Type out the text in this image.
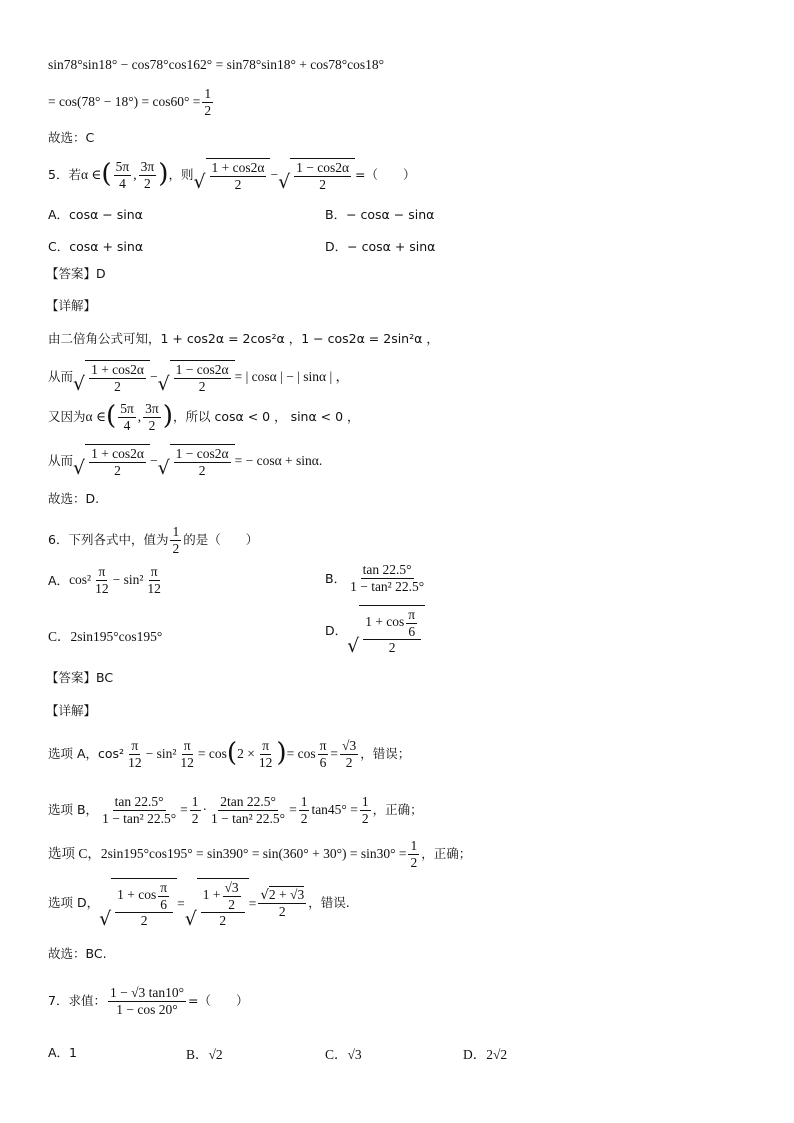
sin78°sin18° − cos78°cos162° = sin78°sin18° + cos78°cos18°
= $\cos(78^\circ - 18^\circ) = \cos 60^\circ = \frac{1}{2}$
故选：C
5．若 α ∈ ( $\frac{5\pi}{4}$ , $\frac{3\pi}{2}$ ) ，则 √ $\frac{1 + \cos 2\alpha}{2}$ − √ $\frac{1 - \cos 2\alpha}{2}$ =（　　）
A．cosα − sinα	B．− cosα − sinα
C．cosα + sinα	D．− cosα + sinα
【答案】D
【详解】
由二倍角公式可知，1 + cos2α = 2cos²α ，1 − cos2α = 2sin²α ，
从而 √ $\frac{1 + \cos 2\alpha}{2}$ − √ $\frac{1 - \cos 2\alpha}{2}$ = | cosα | − | sinα | ，
又因为 α ∈ ( $\frac{5\pi}{4}$ , $\frac{3\pi}{2}$ ) ，所以 cosα < 0 ， sinα < 0 ，
从而 √ $\frac{1 + \cos 2\alpha}{2}$ − √ $\frac{1 - \cos 2\alpha}{2}$ = − cosα + sinα.
故选：D.
6．下列各式中，值为 $\frac{1}{2}$ 的是（　　）
A． $\cos^2 \frac{\pi}{12} - \sin^2 \frac{\pi}{12}$	B． $\frac{\tan 22.5^\circ}{\text{1 − tan² 22.5°}}$
C．2sin195°cos195°	D．
√ $\frac{1 + \cos \frac{\pi}{6}}{2}$
【答案】BC
【详解】
选项 A，$\cos^2 \frac{\pi}{12} - \sin^2 \frac{\pi}{12} = \cos$ ( $2 \times \frac{\pi}{12}$ ) = $\cos \frac{\pi}{6} = \frac{√3}{2}$ ，错误；
选项 B， $\frac{\tan 22.5^\circ}{\text{1 − tan² 22.5°}} = \frac{1}{2} \cdot \frac{2\tan 22.5^\circ}{\text{1 − tan² 22.5°}} = \frac{1}{2} \tan 45^\circ = \frac{1}{2}$ ，正确；
选项 C，$2\sin 195^\circ\cos 195^\circ = \sin 390^\circ = \sin(360^\circ + 30^\circ) = \sin 30^\circ = \frac{1}{2}$ ，正确；
选项 D，
√ $\frac{1 + \cos \frac{\pi}{6}}{2}$ =
√ $\frac{1 + \frac{√3}{2}}{2} = \frac{√2 + √3}{2}$ ，错误.
故选：BC.
7．求值： $\frac{1 - √3 \tan 10^\circ}{1 - \cos 20^\circ}$ =（　　）
A．1	B．√2	C．√3	D．2√2
